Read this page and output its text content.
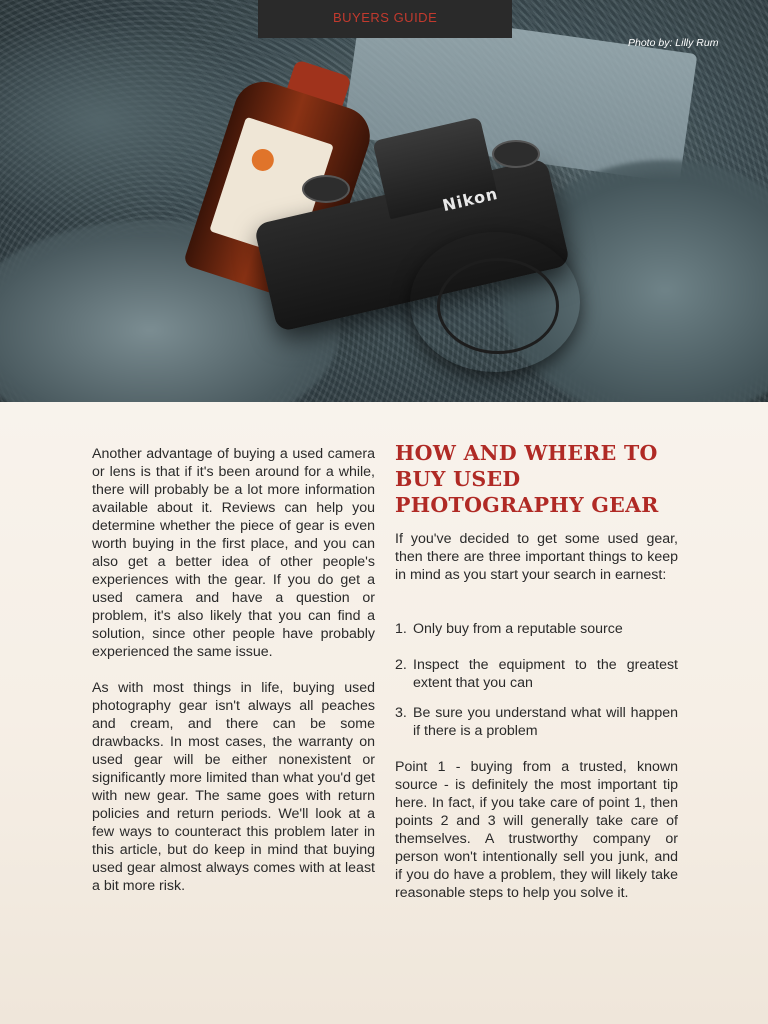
Nikon
BUYERS GUIDE
Photo by: Lilly Rum

Another advantage of buying a used camera or lens is that if it's been around for a while, there will probably be a lot more information available about it. Reviews can help you determine whether the piece of gear is even worth buying in the first place, and you can also get a better idea of other people's experiences with the gear. If you do get a used camera and have a question or problem, it's also likely that you can find a solution, since other people have probably experienced the same issue.

As with most things in life, buying used photography gear isn't always all peaches and cream, and there can be some drawbacks. In most cases, the warranty on used gear will be either nonexistent or significantly more limited than what you'd get with new gear. The same goes with return policies and return periods. We'll look at a few ways to counteract this problem later in this article, but do keep in mind that buying used gear almost always comes with at least a bit more risk.

HOW AND WHERE TO BUY USED PHOTOGRAPHY GEAR

If you've decided to get some used gear, then there are three important things to keep in mind as you start your search in earnest:

1. Only buy from a reputable source
2. Inspect the equipment to the greatest extent that you can
3. Be sure you understand what will happen if there is a problem

Point 1 - buying from a trusted, known source - is definitely the most important tip here. In fact, if you take care of point 1, then points 2 and 3 will generally take care of themselves. A trustworthy company or person won't intentionally sell you junk, and if you do have a problem, they will likely take reasonable steps to help you solve it.
